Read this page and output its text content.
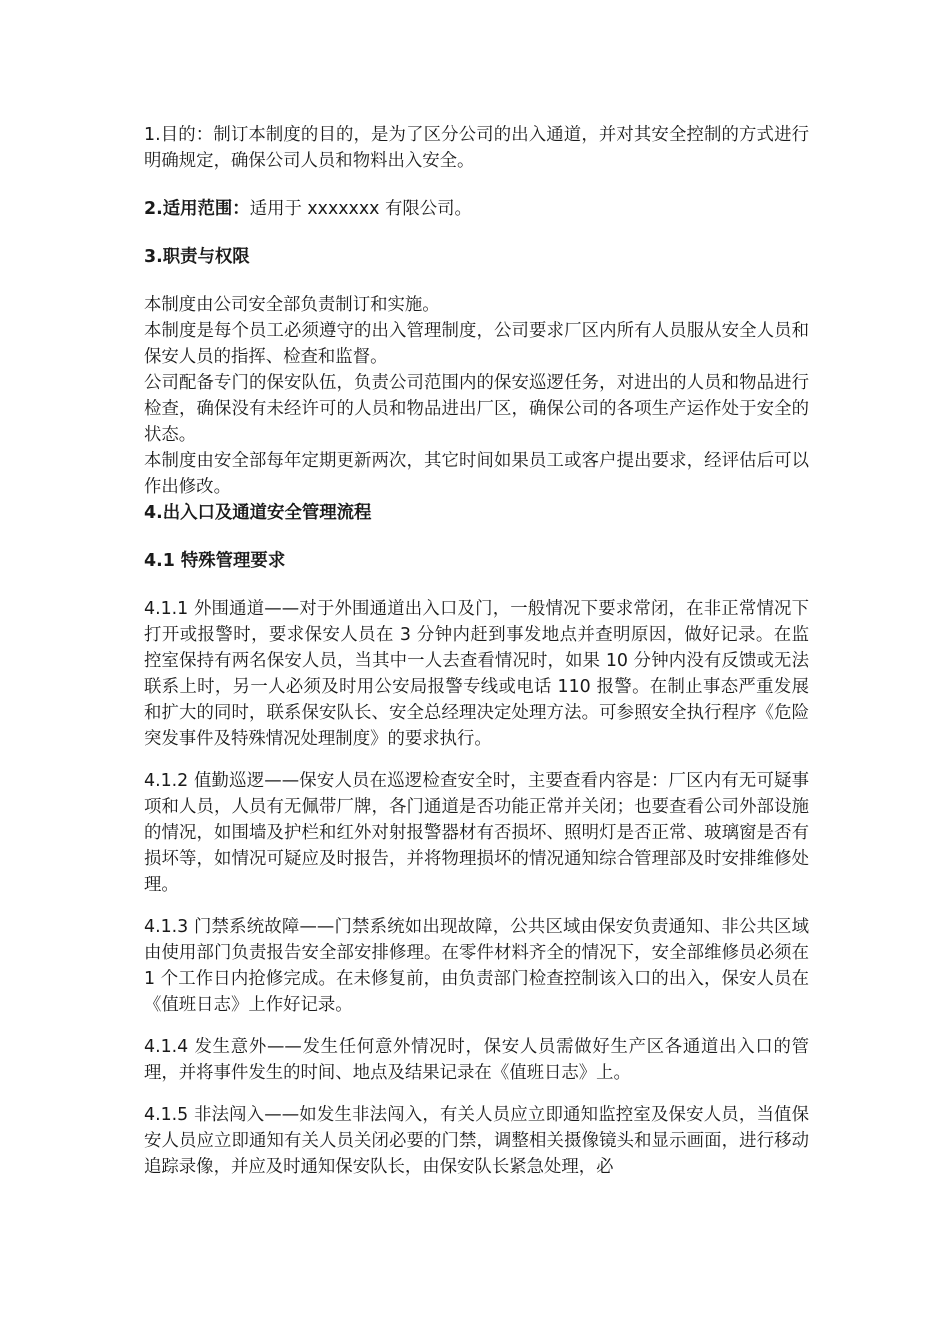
1.目的：制订本制度的目的，是为了区分公司的出入通道，并对其安全控制的方式进行明确规定，确保公司人员和物料出入安全。

2.适用范围：适用于 xxxxxxx 有限公司。

3.职责与权限

本制度由公司安全部负责制订和实施。

本制度是每个员工必须遵守的出入管理制度，公司要求厂区内所有人员服从安全人员和保安人员的指挥、检查和监督。

公司配备专门的保安队伍，负责公司范围内的保安巡逻任务，对进出的人员和物品进行检查，确保没有未经许可的人员和物品进出厂区，确保公司的各项生产运作处于安全的状态。

本制度由安全部每年定期更新两次，其它时间如果员工或客户提出要求，经评估后可以作出修改。

4.出入口及通道安全管理流程

4.1 特殊管理要求

4.1.1 外围通道——对于外围通道出入口及门，一般情况下要求常闭，在非正常情况下打开或报警时，要求保安人员在 3 分钟内赶到事发地点并查明原因，做好记录。在监控室保持有两名保安人员，当其中一人去查看情况时，如果 10 分钟内没有反馈或无法联系上时，另一人必须及时用公安局报警专线或电话 110 报警。在制止事态严重发展和扩大的同时，联系保安队长、安全总经理决定处理方法。可参照安全执行程序《危险突发事件及特殊情况处理制度》的要求执行。

4.1.2 值勤巡逻——保安人员在巡逻检查安全时，主要查看内容是：厂区内有无可疑事项和人员，人员有无佩带厂牌，各门通道是否功能正常并关闭；也要查看公司外部设施的情况，如围墙及护栏和红外对射报警器材有否损坏、照明灯是否正常、玻璃窗是否有损坏等，如情况可疑应及时报告，并将物理损坏的情况通知综合管理部及时安排维修处理。

4.1.3 门禁系统故障——门禁系统如出现故障，公共区域由保安负责通知、非公共区域由使用部门负责报告安全部安排修理。在零件材料齐全的情况下，安全部维修员必须在 1 个工作日内抢修完成。在未修复前，由负责部门检查控制该入口的出入，保安人员在《值班日志》上作好记录。

4.1.4 发生意外——发生任何意外情况时，保安人员需做好生产区各通道出入口的管理，并将事件发生的时间、地点及结果记录在《值班日志》上。

4.1.5 非法闯入——如发生非法闯入，有关人员应立即通知监控室及保安人员，当值保安人员应立即通知有关人员关闭必要的门禁，调整相关摄像镜头和显示画面，进行移动追踪录像，并应及时通知保安队长，由保安队长紧急处理，必
